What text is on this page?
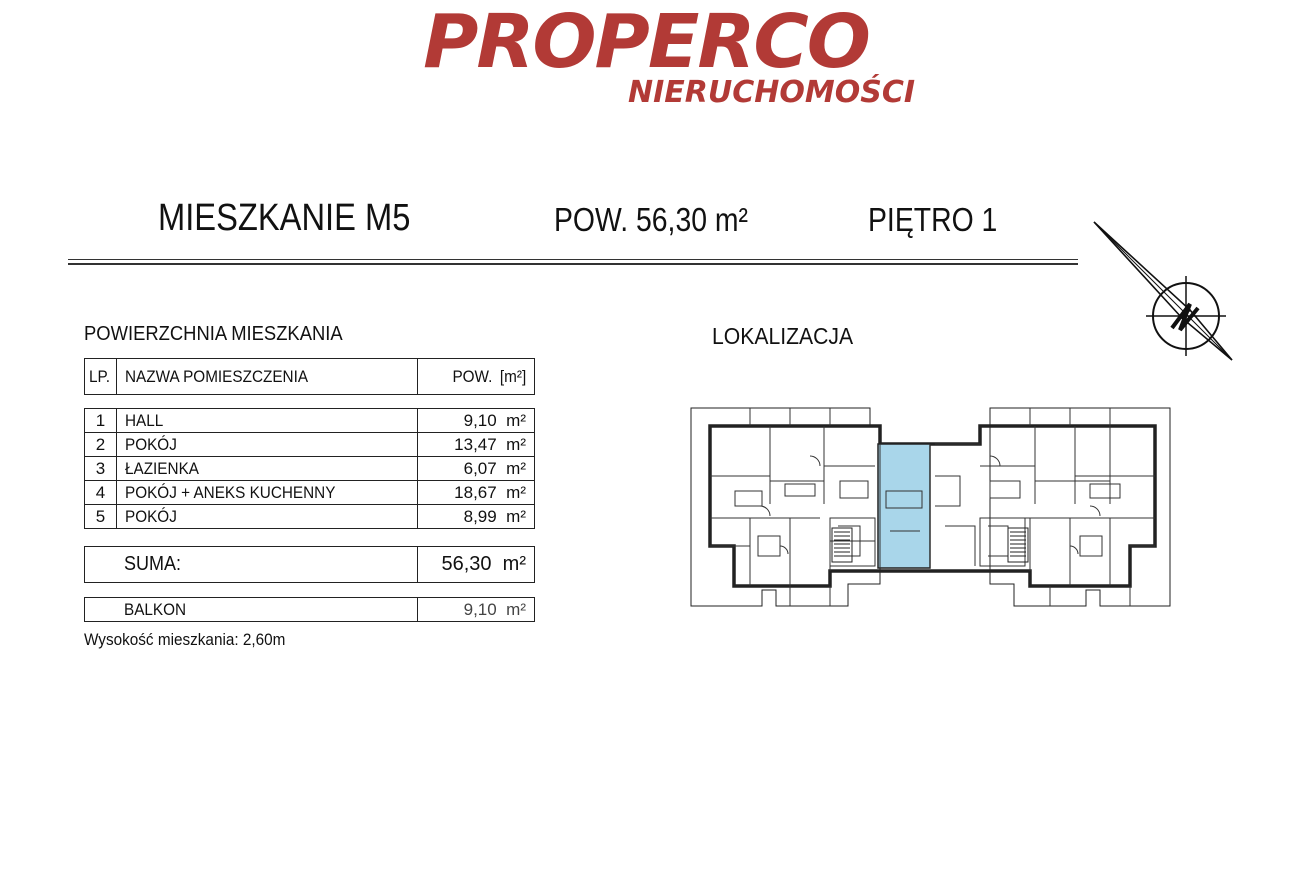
PROPERCO
NIERUCHOMOŚCI
MIESZKANIE M5	POW. 56,30 m²	PIĘTRO 1
POWIERZCHNIA MIESZKANIA
LP.	NAZWA POMIESZCZENIA	POW. [m²]
1	HALL	9,10 m²
2	POKÓJ	13,47 m²
3	ŁAZIENKA	6,07 m²
4	POKÓJ + ANEKS KUCHENNY	18,67 m²
5	POKÓJ	8,99 m²
	SUMA:	56,30 m²
	BALKON	9,10 m²
Wysokość mieszkania: 2,60m
LOKALIZACJA
